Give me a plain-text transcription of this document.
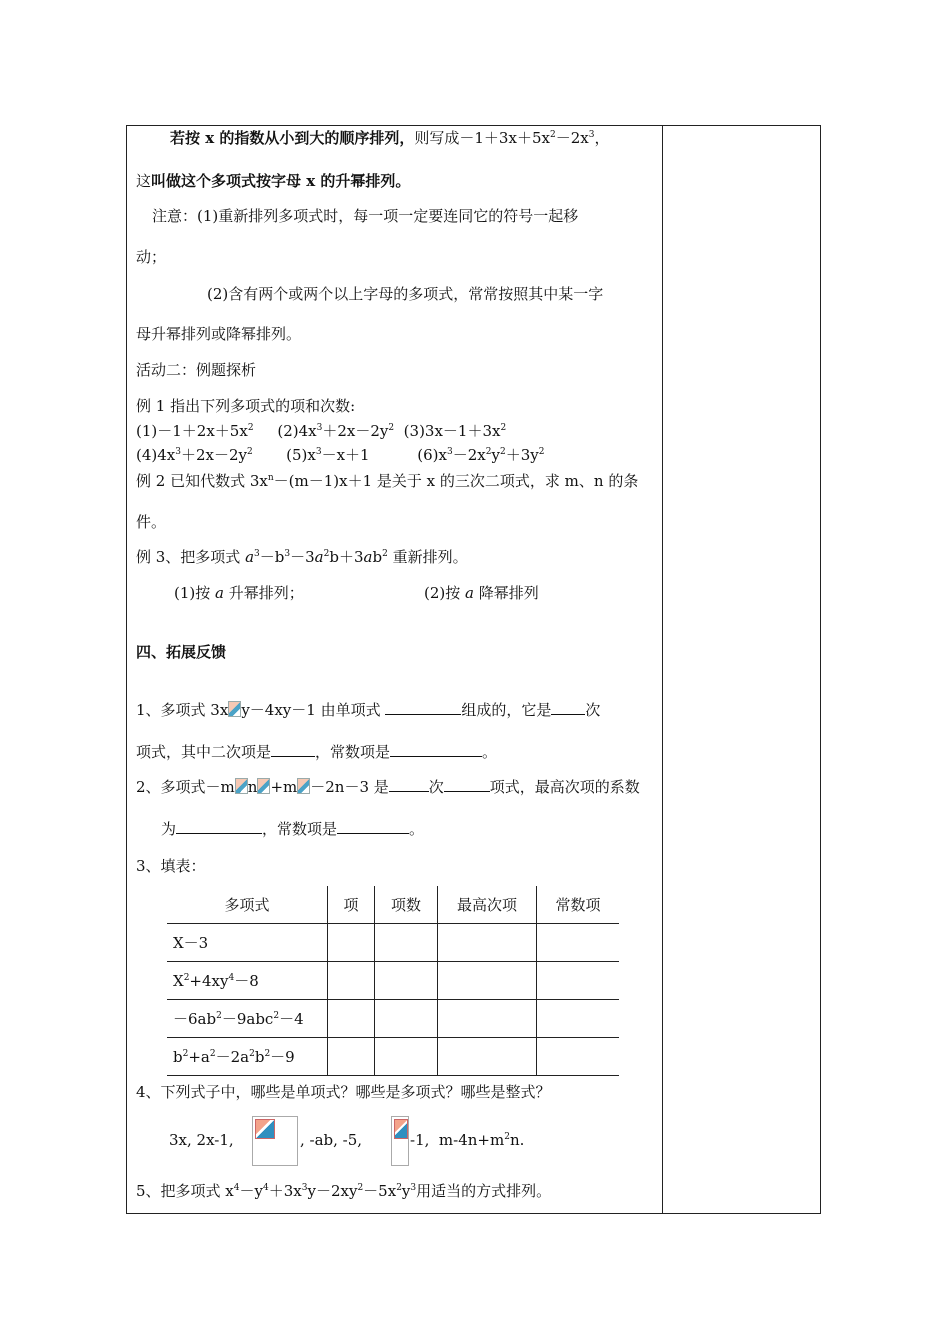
若按 x 的指数从小到大的顺序排列，则写成$-1+3x+5x^2-2x^3$，
这叫做这个多项式按字母 x 的升幂排列。
注意：(1)重新排列多项式时，每一项一定要连同它的符号一起移
动；
(2)含有两个或两个以上字母的多项式，常常按照其中某一字
母升幂排列或降幂排列。
活动二：例题探析
例 1 指出下列多项式的项和次数:
$(1)-1+2x+5x^2$     $(2)4x^3+2x-2y^2$  $(3)3x-1+3x^2$
$(4)4x^3+2x-2y^2$       $(5)x^3-x+1$          $(6)x^3-2x^2y^2+3y^2$
例 2 已知代数式 $3x^n-(m-1)x+1$ 是关于 x 的三次二项式，求 m、n 的条
件。
例 3、把多项式 $a^3-b^3-3a^2b+3ab^2$ 重新排列。
(1)按 a 升幂排列；	(2)按 a 降幂排列
四、拓展反馈
1、多项式 3x y－4xy－1 由单项式	组成的，它是 次
项式，其中二次项是	，常数项是	。
2、多项式－m n +m －2n－3 是	次	项式，最高次项的系数
为	，常数项是	。
3、填表：
多项式	项	项数	最高次项	常数项
X－3				
$X^2+4xy^4-8$				
$-6ab^2-9abc^2-4$				
$b^2+a^2-2a^2b^2-9$				
4、下列式子中，哪些是单项式？哪些是多项式？哪些是整式？
3x, 2x-1,	, -ab, -5,	-1,  $m-4n+m^2n$.
5、把多项式 $x^4-y^4+3x^3y-2xy^2-5x^2y^3$用适当的方式排列。
